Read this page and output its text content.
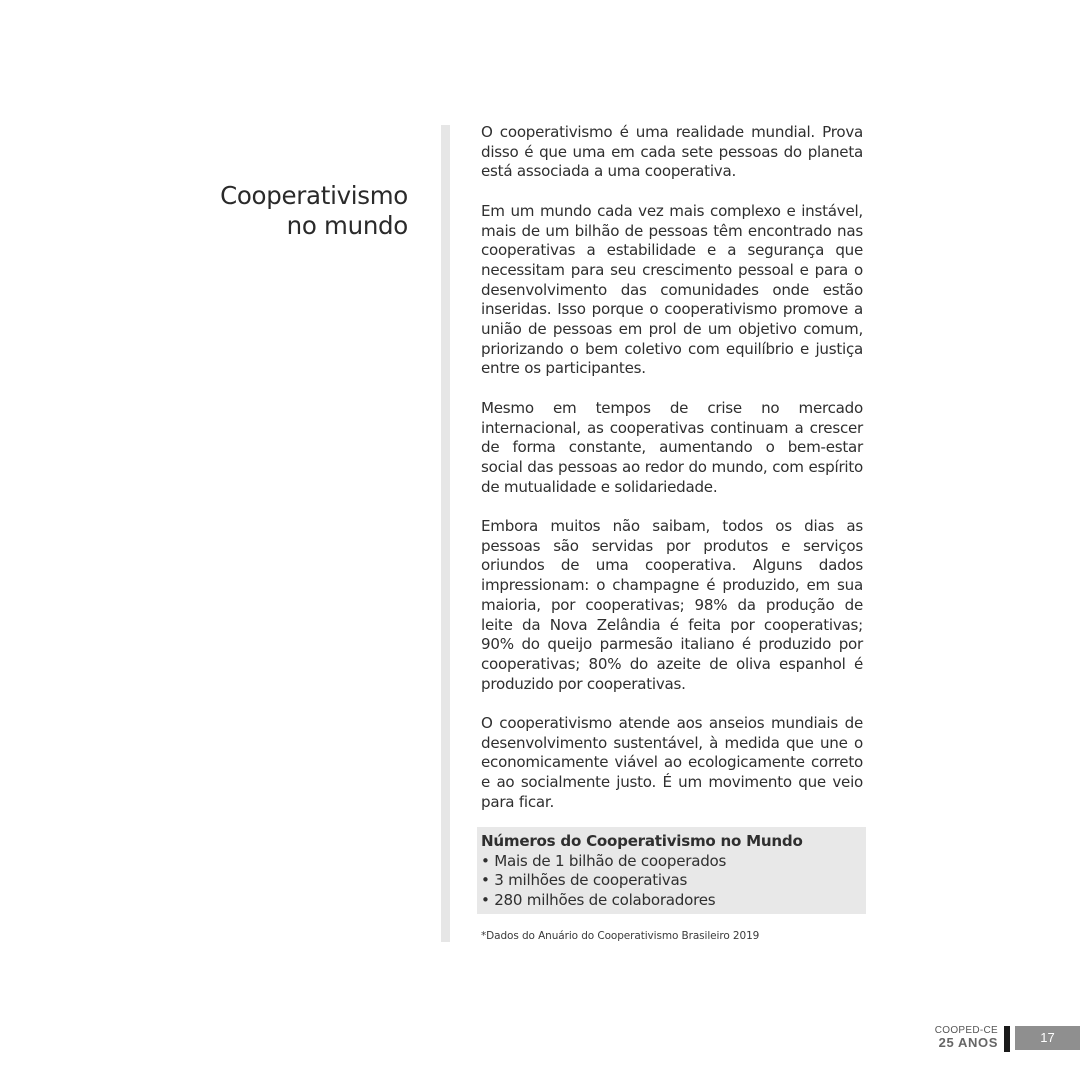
Cooperativismo
no mundo

O cooperativismo é uma realidade mundial. Prova disso é que uma em cada sete pessoas do planeta está associada a uma cooperativa.

Em um mundo cada vez mais complexo e instável, mais de um bilhão de pessoas têm encontrado nas cooperativas a estabilidade e a segurança que necessitam para seu crescimento pessoal e para o desenvolvimento das comunidades onde estão inseridas. Isso porque o cooperativismo promove a união de pessoas em prol de um objetivo comum, priorizando o bem coletivo com equilíbrio e justiça entre os participantes.

Mesmo em tempos de crise no mercado internacional, as cooperativas continuam a crescer de forma constante, aumentando o bem-estar social das pessoas ao redor do mundo, com espírito de mutualidade e solidariedade.

Embora muitos não saibam, todos os dias as pessoas são servidas por produtos e serviços oriundos de uma cooperativa. Alguns dados impressionam: o champagne é produzido, em sua maioria, por cooperativas; 98% da produção de leite da Nova Zelândia é feita por cooperativas; 90% do queijo parmesão italiano é produzido por cooperativas; 80% do azeite de oliva espanhol é produzido por cooperativas.

O cooperativismo atende aos anseios mundiais de desenvolvimento sustentável, à medida que une o economicamente viável ao ecologicamente correto e ao socialmente justo. É um movimento que veio para ficar.

Números do Cooperativismo no Mundo

• Mais de 1 bilhão de cooperados
• 3 milhões de cooperativas
• 280 milhões de colaboradores
*Dados do Anuário do Cooperativismo Brasileiro 2019
COOPED-CE
25 ANOS	17
